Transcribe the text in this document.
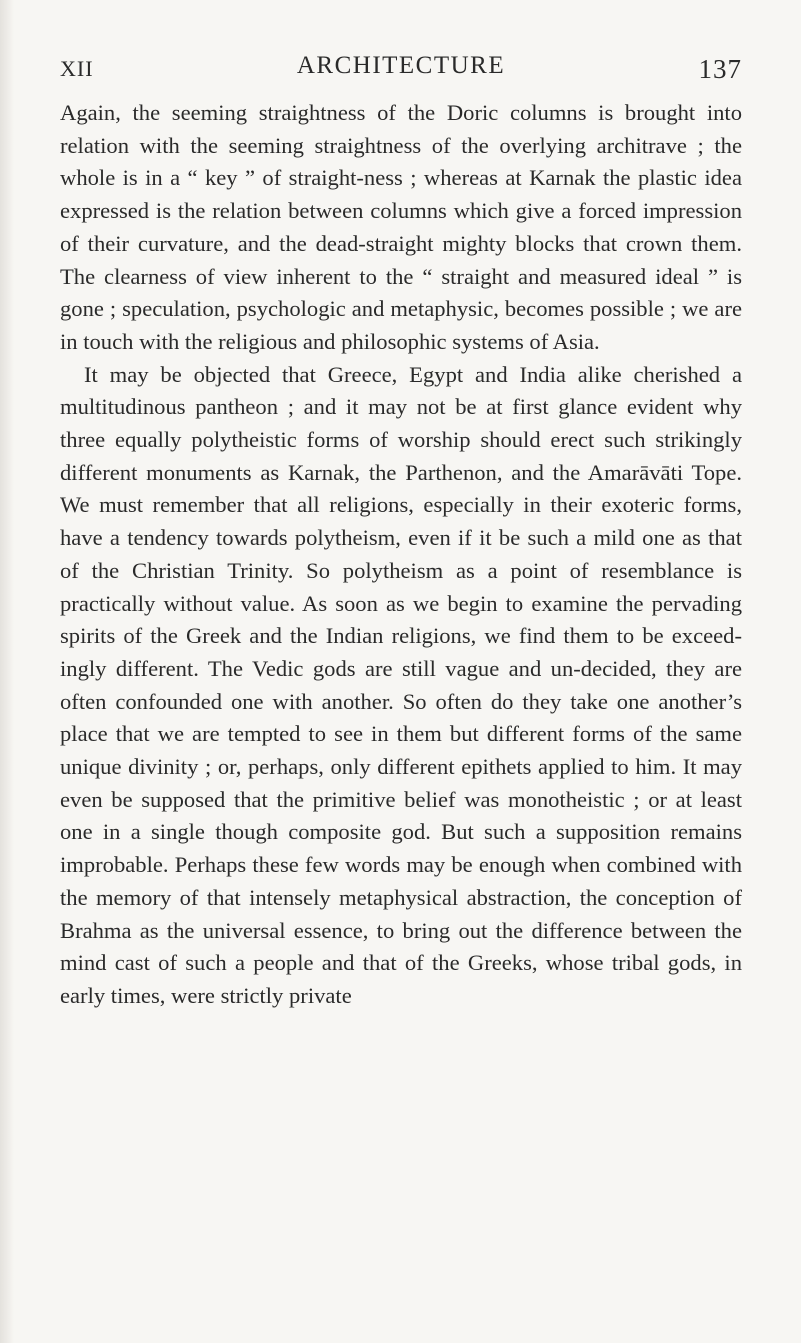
XII	ARCHITECTURE	137

Again, the seeming straightness of the Doric columns is brought into relation with the seeming straightness of the overlying architrave ; the whole is in a “ key ” of straight-ness ; whereas at Karnak the plastic idea expressed is the relation between columns which give a forced impression of their curvature, and the dead-straight mighty blocks that crown them. The clearness of view inherent to the “ straight and measured ideal ” is gone ; speculation, psychologic and metaphysic, becomes possible ; we are in touch with the religious and philosophic systems of Asia.

It may be objected that Greece, Egypt and India alike cherished a multitudinous pantheon ; and it may not be at first glance evident why three equally polytheistic forms of worship should erect such strikingly different monuments as Karnak, the Parthenon, and the Amarāvāti Tope. We must remember that all religions, especially in their exoteric forms, have a tendency towards polytheism, even if it be such a mild one as that of the Christian Trinity. So polytheism as a point of resemblance is practically without value. As soon as we begin to examine the pervading spirits of the Greek and the Indian religions, we find them to be exceed-ingly different. The Vedic gods are still vague and un-decided, they are often confounded one with another. So often do they take one another’s place that we are tempted to see in them but different forms of the same unique divinity ; or, perhaps, only different epithets applied to him. It may even be supposed that the primitive belief was monotheistic ; or at least one in a single though composite god. But such a supposition remains improbable. Perhaps these few words may be enough when combined with the memory of that intensely metaphysical abstraction, the conception of Brahma as the universal essence, to bring out the difference between the mind cast of such a people and that of the Greeks, whose tribal gods, in early times, were strictly private
